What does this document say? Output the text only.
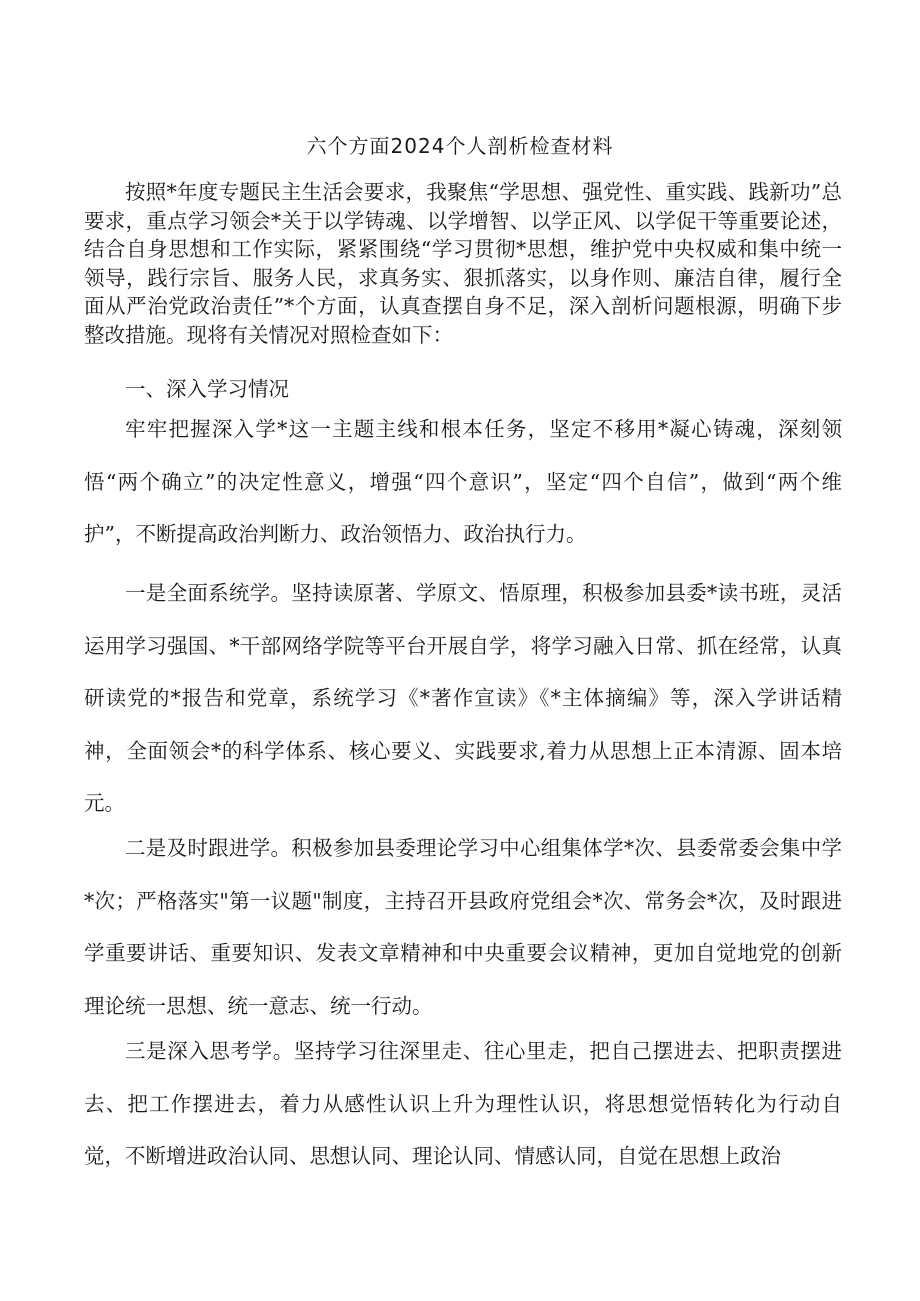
六个方面2024个人剖析检查材料

按照*年度专题民主生活会要求，我聚焦“学思想、强党性、重实践、践新功”总要求，重点学习领会*关于以学铸魂、以学增智、以学正风、以学促干等重要论述，结合自身思想和工作实际，紧紧围绕“学习贯彻*思想，维护党中央权威和集中统一领导，践行宗旨、服务人民，求真务实、狠抓落实，以身作则、廉洁自律，履行全面从严治党政治责任”*个方面，认真查摆自身不足，深入剖析问题根源，明确下步整改措施。现将有关情况对照检查如下：

一、深入学习情况

牢牢把握深入学*这一主题主线和根本任务，坚定不移用*凝心铸魂，深刻领悟“两个确立”的决定性意义，增强“四个意识”，坚定“四个自信”，做到“两个维护”，不断提高政治判断力、政治领悟力、政治执行力。

一是全面系统学。坚持读原著、学原文、悟原理，积极参加县委*读书班，灵活运用学习强国、*干部网络学院等平台开展自学，将学习融入日常、抓在经常，认真研读党的*报告和党章，系统学习《*著作宣读》《*主体摘编》等，深入学讲话精神，全面领会*的科学体系、核心要义、实践要求,着力从思想上正本清源、固本培元。

二是及时跟进学。积极参加县委理论学习中心组集体学*次、县委常委会集中学*次；严格落实"第一议题"制度，主持召开县政府党组会*次、常务会*次，及时跟进学重要讲话、重要知识、发表文章精神和中央重要会议精神，更加自觉地党的创新理论统一思想、统一意志、统一行动。

三是深入思考学。坚持学习往深里走、往心里走，把自己摆进去、把职责摆进去、把工作摆进去，着力从感性认识上升为理性认识，将思想觉悟转化为行动自觉，不断增进政治认同、思想认同、理论认同、情感认同，自觉在思想上政治
